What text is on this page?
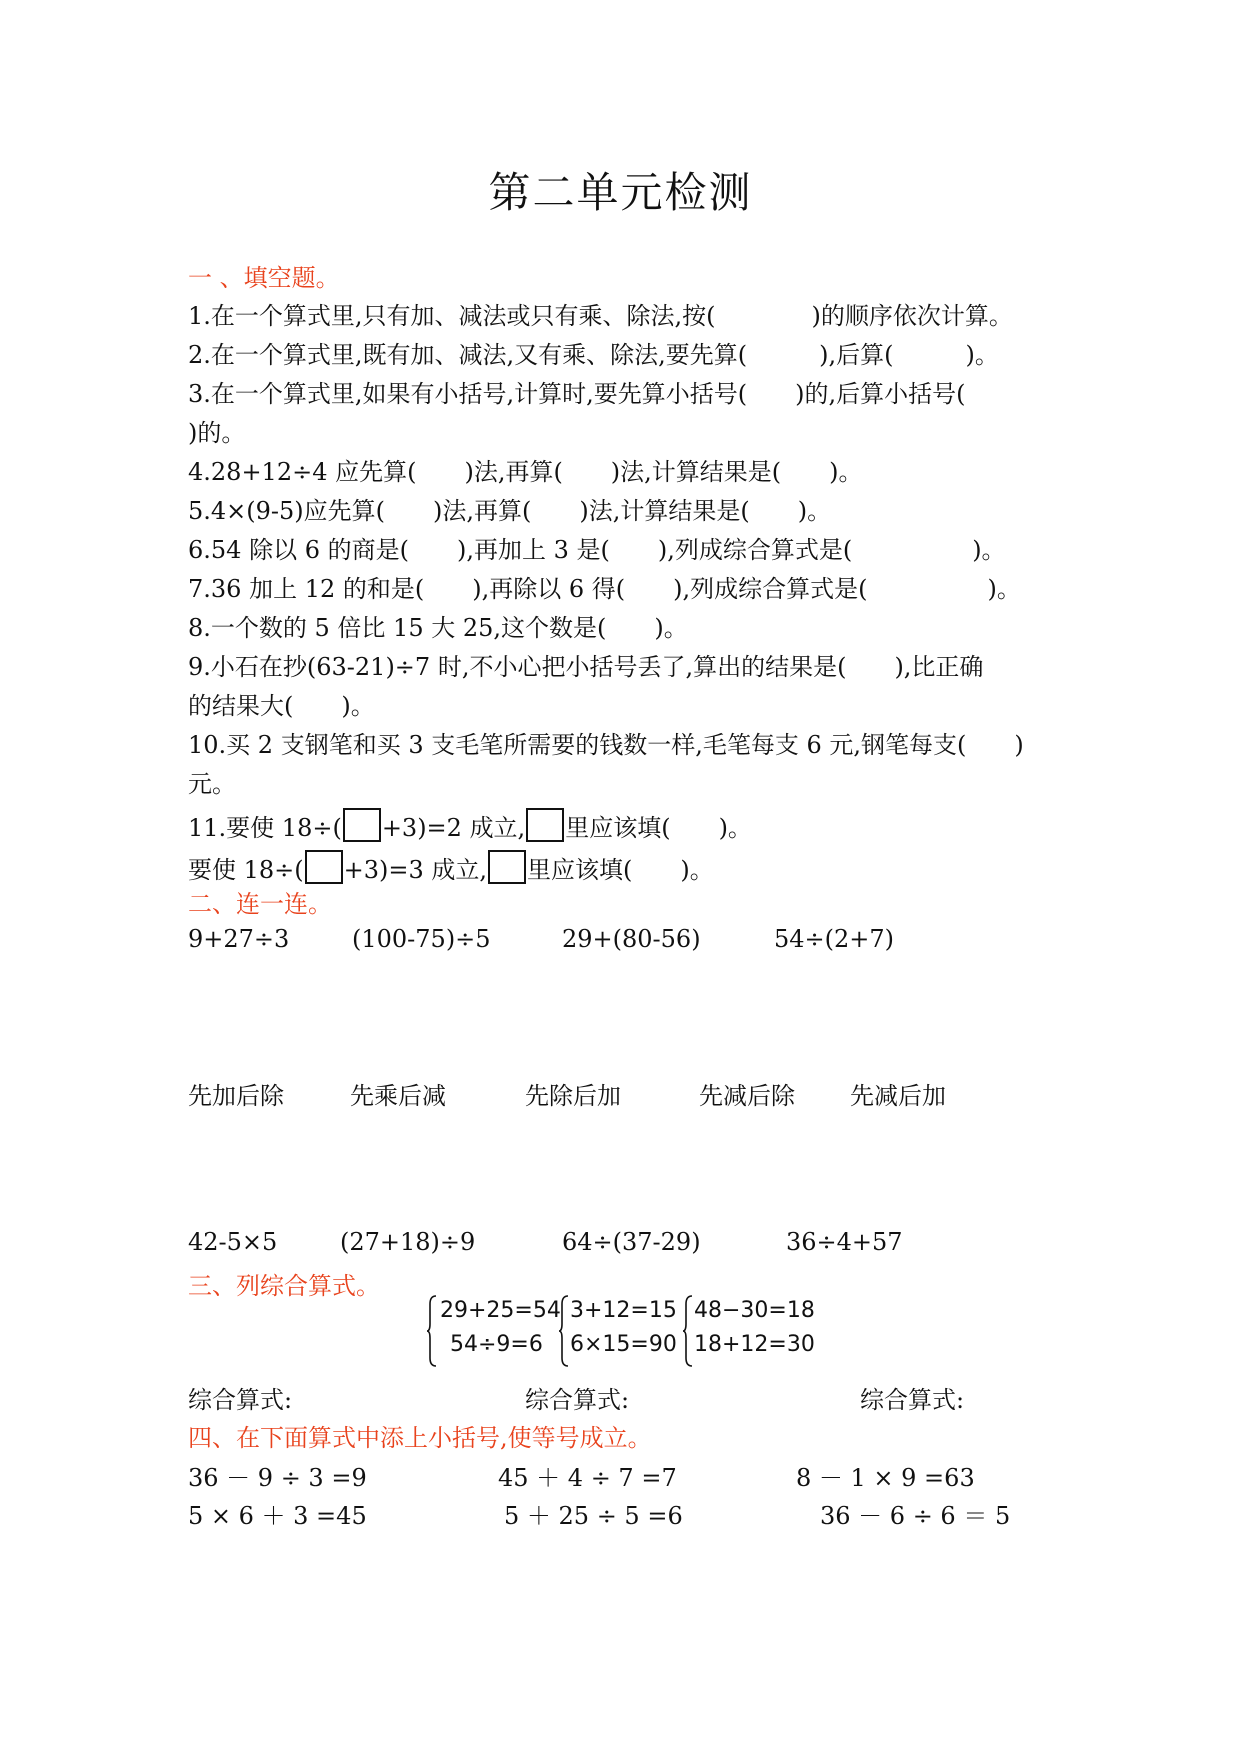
第二单元检测
一 、填空题。
1.在一个算式里,只有加、减法或只有乘、除法,按(　　　　)的顺序依次计算。
2.在一个算式里,既有加、减法,又有乘、除法,要先算(　　　),后算(　　　)。
3.在一个算式里,如果有小括号,计算时,要先算小括号(　　)的,后算小括号(
)的。
4.28+12÷4 应先算(　　)法,再算(　　)法,计算结果是(　　)。
5.4×(9-5)应先算(　　)法,再算(　　)法,计算结果是(　　)。
6.54 除以 6 的商是(　　),再加上 3 是(　　),列成综合算式是(　　　　　)。
7.36 加上 12 的和是(　　),再除以 6 得(　　),列成综合算式是(　　　　　)。
8.一个数的 5 倍比 15 大 25,这个数是(　　)。
9.小石在抄(63-21)÷7 时,不小心把小括号丢了,算出的结果是(　　),比正确
的结果大(　　)。
10.买 2 支钢笔和买 3 支毛笔所需要的钱数一样,毛笔每支 6 元,钢笔每支(　　)
元。
11.要使 18÷( +3)=2 成立, 里应该填(　　)。
要使 18÷( +3)=3 成立, 里应该填(　　)。
二、连一连。
9+27÷3	(100-75)÷5	29+(80-56)	54÷(2+7)
先加后除	先乘后减	先除后加	先减后除 先减后加
42-5×5	(27+18)÷9	64÷(37-29)	36÷4+57
三、列综合算式。
29+25=54
54÷9=6
3+12=15
6×15=90
48−30=18
18+12=30
综合算式:	综合算式:	综合算式:
四、在下面算式中添上小括号,使等号成立。
36 － 9 ÷ 3 =9	45 ＋ 4 ÷ 7 =7	8 － 1 × 9 =63
5 × 6 ＋ 3 =45	5 ＋ 25 ÷ 5 =6	36 － 6 ÷ 6 ＝ 5
